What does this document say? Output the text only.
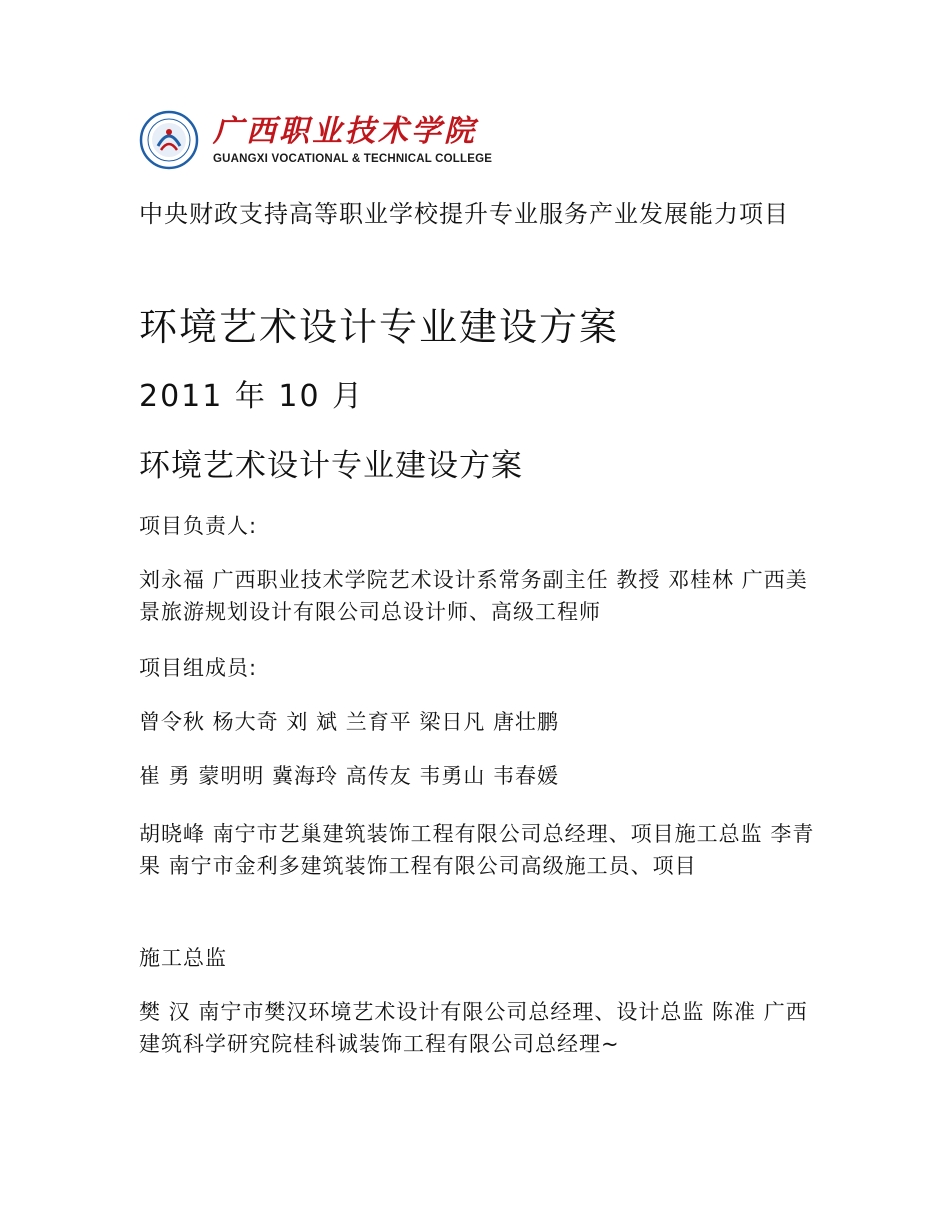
广西职业技术学院
GUANGXI VOCATIONAL & TECHNICAL COLLEGE

中央财政支持高等职业学校提升专业服务产业发展能力项目

环境艺术设计专业建设方案

2011 年 10 月

环境艺术设计专业建设方案

项目负责人:

刘永福 广西职业技术学院艺术设计系常务副主任 教授 邓桂林 广西美景旅游规划设计有限公司总设计师、高级工程师

项目组成员:

曾令秋 杨大奇 刘 斌 兰育平 梁日凡 唐壮鹏

崔 勇 蒙明明 冀海玲 高传友 韦勇山 韦春媛

胡晓峰 南宁市艺巢建筑装饰工程有限公司总经理、项目施工总监 李青果 南宁市金利多建筑装饰工程有限公司高级施工员、项目

施工总监

樊 汉 南宁市樊汉环境艺术设计有限公司总经理、设计总监 陈准 广西建筑科学研究院桂科诚装饰工程有限公司总经理~
